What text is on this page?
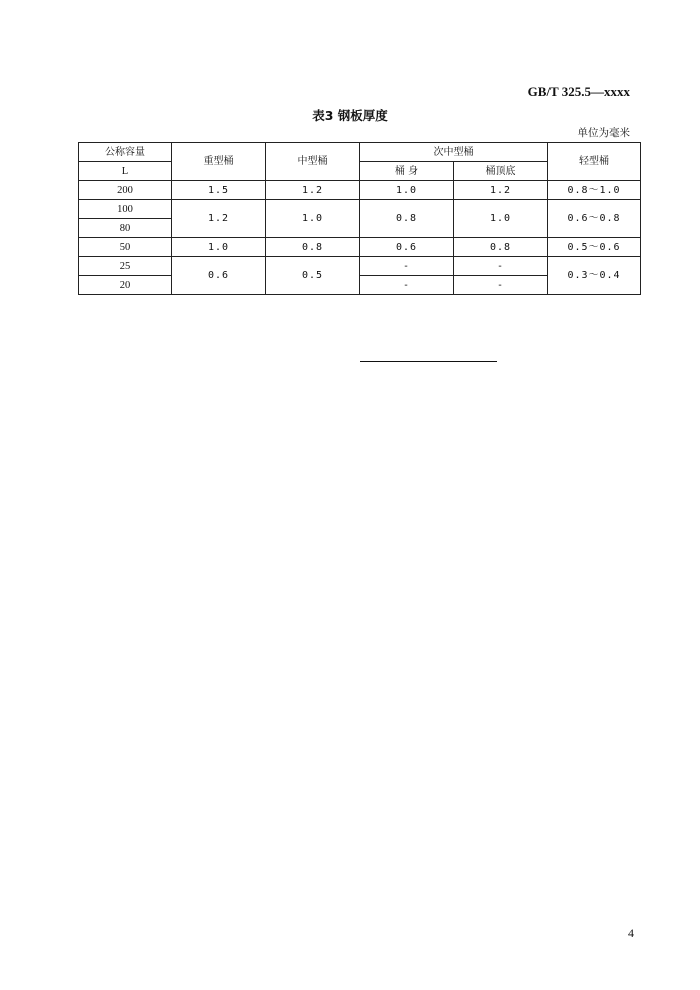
GB/T 325.5—xxxx
表3 钢板厚度
单位为毫米
公称容量	重型桶	中型桶	次中型桶		轻型桶
L			桶 身	桶顶底	
200	1.5	1.2	1.0	1.2	0.8～1.0
100	1.2	1.0	0.8	1.0	0.6～0.8
80					
50	1.0	0.8	0.6	0.8	0.5～0.6
25	0.6	0.5	-	-	0.3～0.4
20			-	-	
4
